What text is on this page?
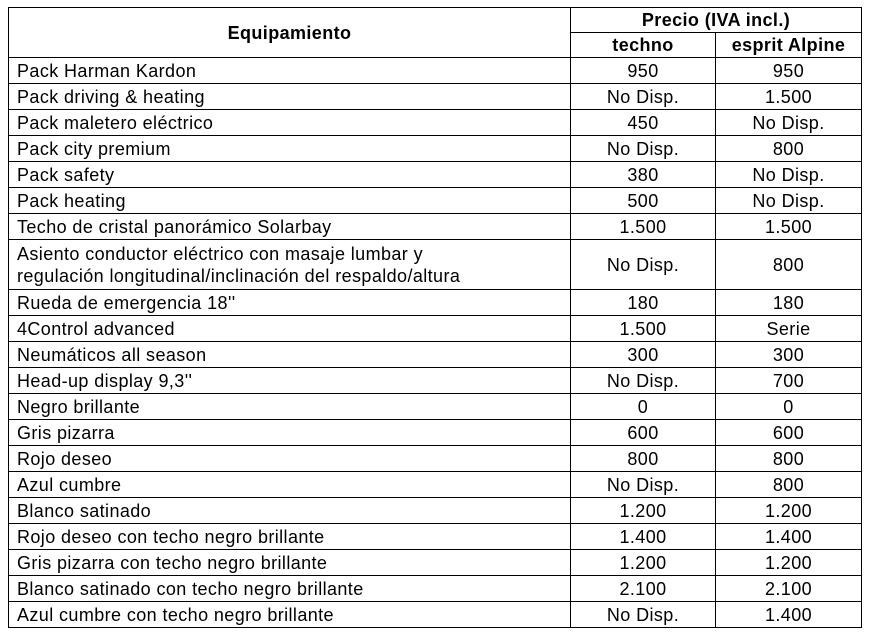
Equipamiento	Precio (IVA incl.)	
	techno	esprit Alpine
Pack Harman Kardon	950	950
Pack driving & heating	No Disp.	1.500
Pack maletero eléctrico	450	No Disp.
Pack city premium	No Disp.	800
Pack safety	380	No Disp.
Pack heating	500	No Disp.
Techo de cristal panorámico Solarbay	1.500	1.500
Asiento conductor eléctrico con masaje lumbar y
regulación longitudinal/inclinación del respaldo/altura	No Disp.	800
Rueda de emergencia 18''	180	180
4Control advanced	1.500	Serie
Neumáticos all season	300	300
Head-up display 9,3''	No Disp.	700
Negro brillante	0	0
Gris pizarra	600	600
Rojo deseo	800	800
Azul cumbre	No Disp.	800
Blanco satinado	1.200	1.200
Rojo deseo con techo negro brillante	1.400	1.400
Gris pizarra con techo negro brillante	1.200	1.200
Blanco satinado con techo negro brillante	2.100	2.100
Azul cumbre con techo negro brillante	No Disp.	1.400
